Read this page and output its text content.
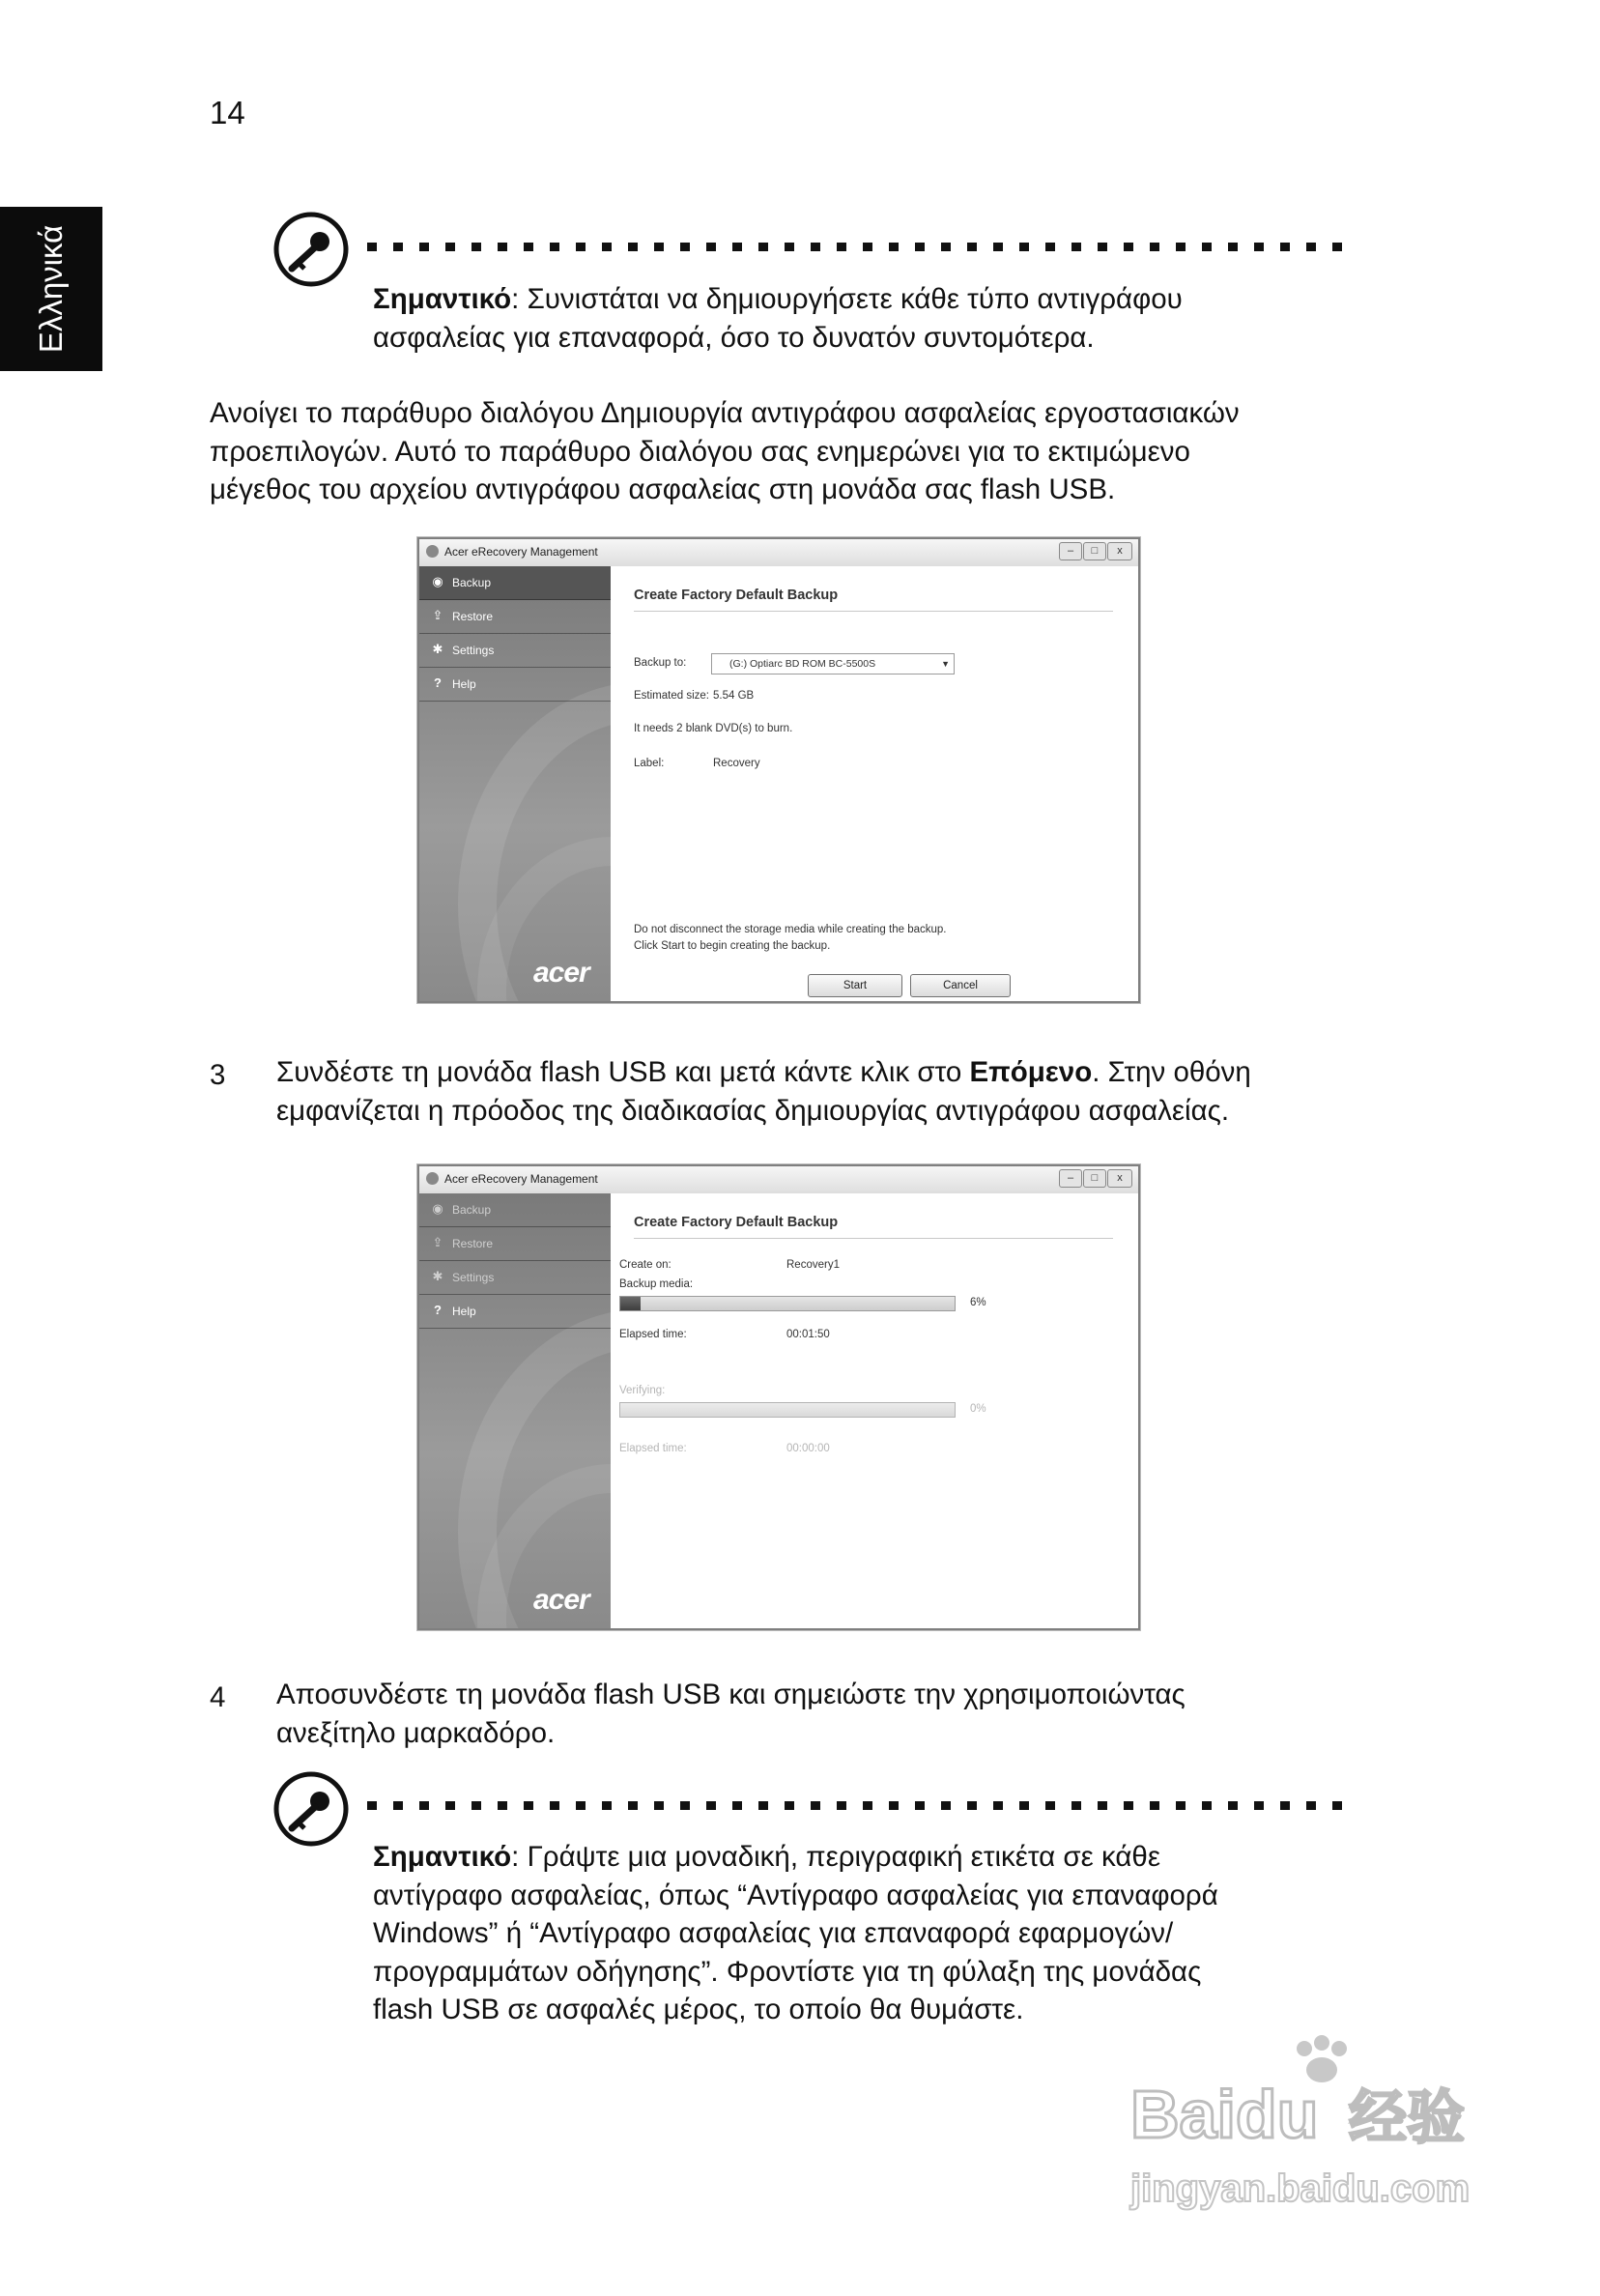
14
Ελληνικά	Σημαντικό: Συνιστάται να δημιουργήσετε κάθε τύπο αντιγράφου
ασφαλείας για επαναφορά, όσο το δυνατόν συντομότερα.
Ανοίγει το παράθυρο διαλόγου Δημιουργία αντιγράφου ασφαλείας εργοστασιακών
προεπιλογών. Αυτό το παράθυρο διαλόγου σας ενημερώνει για το εκτιμώμενο
μέγεθος του αρχείου αντιγράφου ασφαλείας στη μονάδα σας flash USB.
Acer eRecovery Management	–	□	x
◉ Backup
⇪ Restore
✱ Settings
? Help
acer
Create Factory Default Backup
Backup to:	(G:) Optiarc BD ROM BC-5500S	▼
Estimated size: 5.54 GB
It needs 2 blank DVD(s) to burn.
Label:	Recovery
Do not disconnect the storage media while creating the backup.
Click Start to begin creating the backup.
Start	Cancel
3 Συνδέστε τη μονάδα flash USB και μετά κάντε κλικ στο Επόμενο. Στην οθόνη
εμφανίζεται η πρόοδος της διαδικασίας δημιουργίας αντιγράφου ασφαλείας.
Acer eRecovery Management	–	□	x
◉ Backup
⇪ Restore
✱ Settings
? Help
acer
Create Factory Default Backup
Create on:	Recovery1
Backup media:
6%
Elapsed time:	00:01:50
Verifying:
0%
Elapsed time:	00:00:00
4 Αποσυνδέστε τη μονάδα flash USB και σημειώστε την χρησιμοποιώντας
ανεξίτηλο μαρκαδόρο.
Σημαντικό: Γράψτε μια μοναδική, περιγραφική ετικέτα σε κάθε
αντίγραφο ασφαλείας, όπως “Αντίγραφο ασφαλείας για επαναφορά
Windows” ή “Αντίγραφο ασφαλείας για επαναφορά εφαρμογών/
προγραμμάτων οδήγησης”. Φροντίστε για τη φύλαξη της μονάδας
flash USB σε ασφαλές μέρος, το οποίο θα θυμάστε.
Baidu 经验
jingyan.baidu.com
